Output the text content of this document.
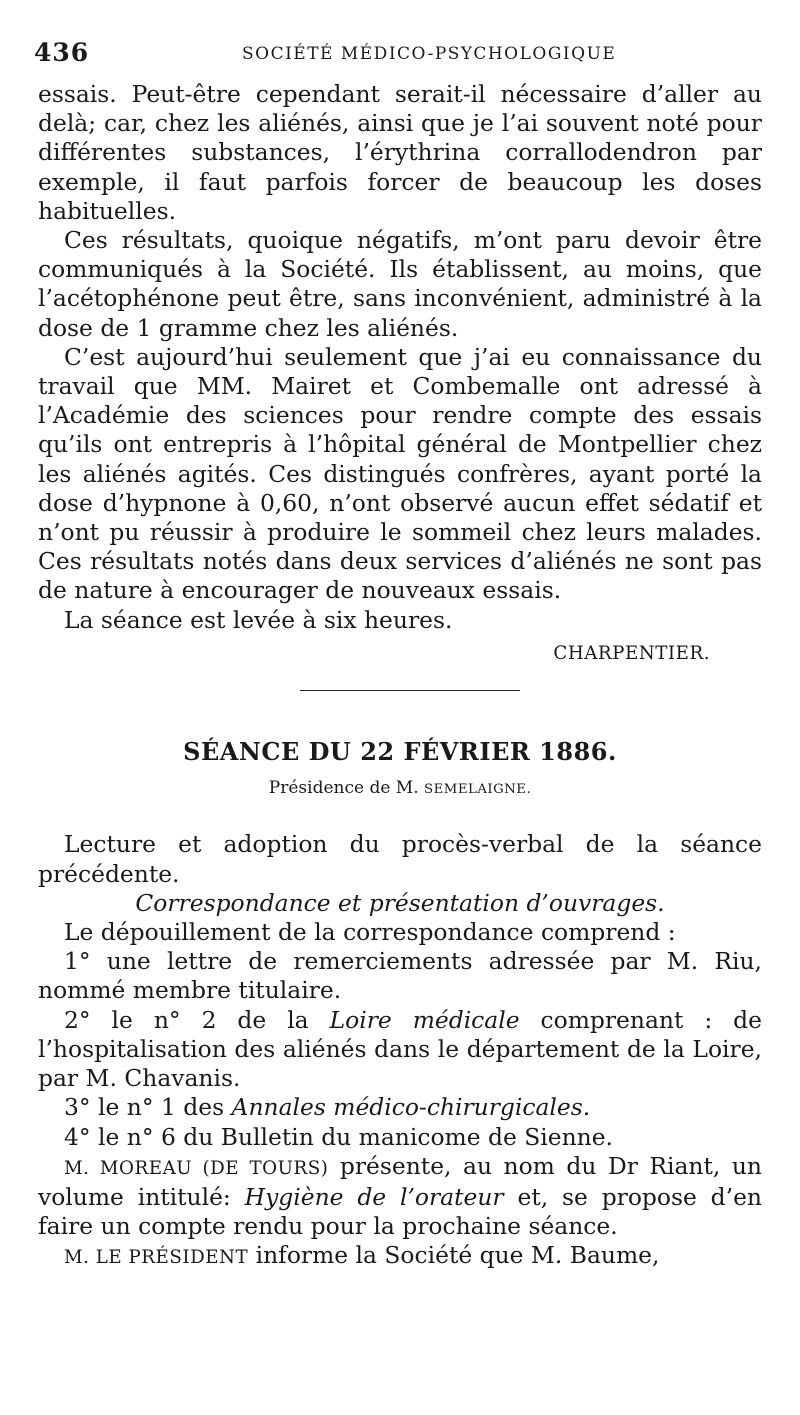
436	SOCIÉTÉ MÉDICO-PSYCHOLOGIQUE

essais. Peut-être cependant serait-il nécessaire d’aller au delà; car, chez les aliénés, ainsi que je l’ai souvent noté pour différentes substances, l’érythrina corrallodendron par exemple, il faut parfois forcer de beaucoup les doses habituelles.

Ces résultats, quoique négatifs, m’ont paru devoir être communiqués à la Société. Ils établissent, au moins, que l’acétophénone peut être, sans inconvénient, administré à la dose de 1 gramme chez les aliénés.

C’est aujourd’hui seulement que j’ai eu connaissance du travail que MM. Mairet et Combemalle ont adressé à l’Académie des sciences pour rendre compte des essais qu’ils ont entrepris à l’hôpital général de Montpellier chez les aliénés agités. Ces distingués confrères, ayant porté la dose d’hypnone à 0,60, n’ont observé aucun effet sédatif et n’ont pu réussir à produire le sommeil chez leurs malades. Ces résultats notés dans deux services d’aliénés ne sont pas de nature à encourager de nouveaux essais.

La séance est levée à six heures.

CHARPENTIER.

SÉANCE DU 22 FÉVRIER 1886.

Présidence de M. SEMELAIGNE.

Lecture et adoption du procès-verbal de la séance précédente.

Correspondance et présentation d’ouvrages.

Le dépouillement de la correspondance comprend :

1° une lettre de remerciements adressée par M. Riu, nommé membre titulaire.

2° le n° 2 de la Loire médicale comprenant : de l’hospitalisation des aliénés dans le département de la Loire, par M. Chavanis.

3° le n° 1 des Annales médico-chirurgicales.

4° le n° 6 du Bulletin du manicome de Sienne.

M. MOREAU (DE TOURS) présente, au nom du Dr Riant, un volume intitulé: Hygiène de l’orateur et, se propose d’en faire un compte rendu pour la prochaine séance.

M. LE PRÉSIDENT informe la Société que M. Baume,
